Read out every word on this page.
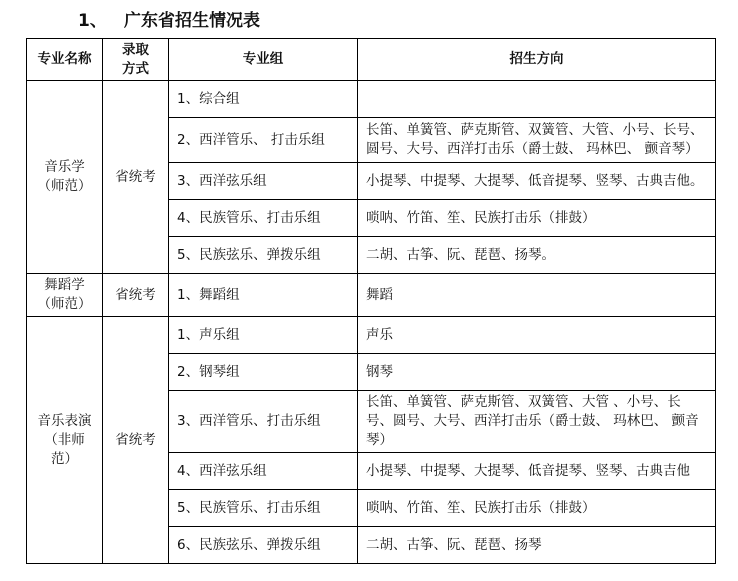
1、	广东省招生情况表
专业名称	录取方式	专业组	招生方向

音乐学（师范）	省统考	1、综合组	
		2、西洋管乐、 打击乐组	长笛、单簧管、萨克斯管、双簧管、大管、小号、长号、圆号、大号、西洋打击乐（爵士鼓、 玛林巴、 颤音琴）
		3、西洋弦乐组	小提琴、中提琴、大提琴、低音提琴、竖琴、古典吉他。
		4、民族管乐、打击乐组	唢呐、竹笛、笙、民族打击乐（排鼓）
		5、民族弦乐、弹拨乐组	二胡、古筝、阮、琵琶、扬琴。

舞蹈学（师范）	省统考	1、舞蹈组	舞蹈

音乐表演（非师范）	省统考	1、声乐组	声乐
		2、钢琴组	钢琴
		3、西洋管乐、打击乐组	长笛、单簧管、萨克斯管、双簧管、大管 、小号、长号、圆号、大号、西洋打击乐（爵士鼓、 玛林巴、 颤音琴）
		4、西洋弦乐组	小提琴、中提琴、大提琴、低音提琴、竖琴、古典吉他
		5、民族管乐、打击乐组	唢呐、竹笛、笙、民族打击乐（排鼓）
		6、民族弦乐、弹拨乐组	二胡、古筝、阮、琵琶、扬琴
